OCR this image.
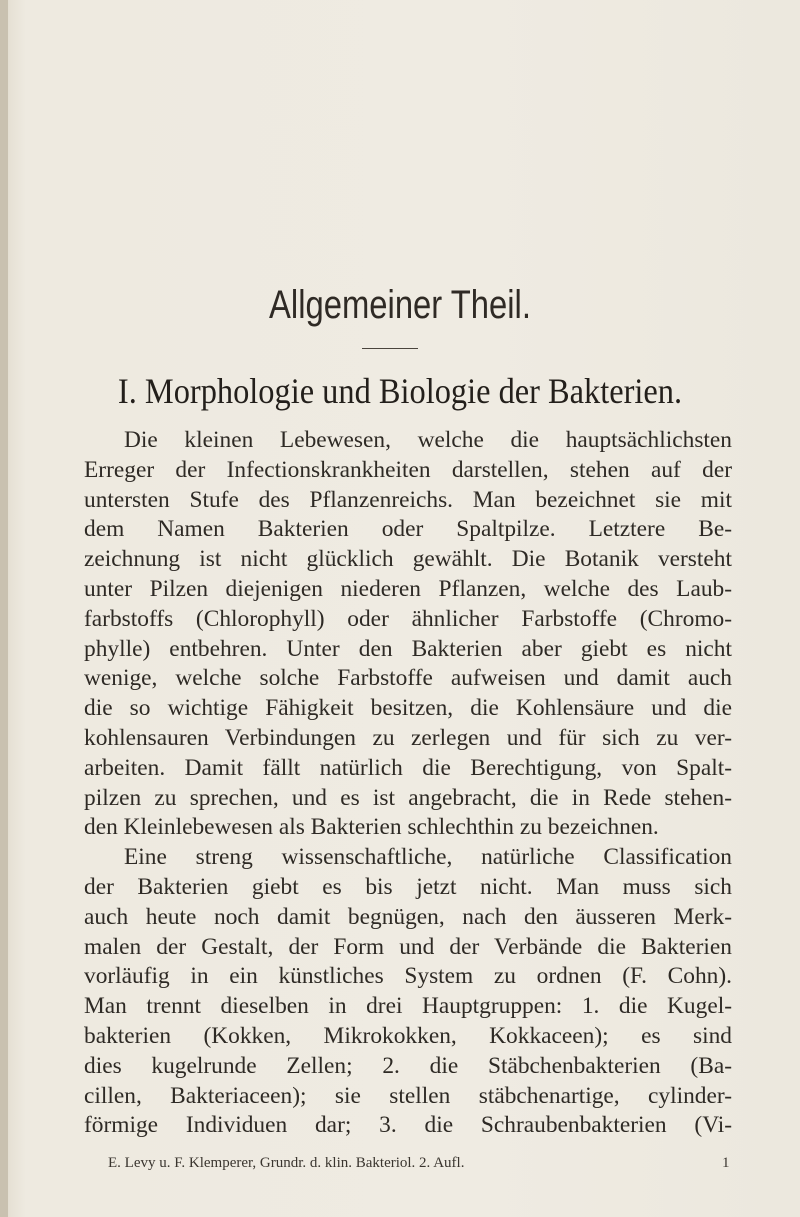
Allgemeiner Theil.
I. Morphologie und Biologie der Bakterien.
Die kleinen Lebewesen, welche die hauptsächlichsten
Erreger der Infectionskrankheiten darstellen, stehen auf der
untersten Stufe des Pflanzenreichs. Man bezeichnet sie mit
dem Namen Bakterien oder Spaltpilze. Letztere Be-
zeichnung ist nicht glücklich gewählt. Die Botanik versteht
unter Pilzen diejenigen niederen Pflanzen, welche des Laub-
farbstoffs (Chlorophyll) oder ähnlicher Farbstoffe (Chromo-
phylle) entbehren. Unter den Bakterien aber giebt es nicht
wenige, welche solche Farbstoffe aufweisen und damit auch
die so wichtige Fähigkeit besitzen, die Kohlensäure und die
kohlensauren Verbindungen zu zerlegen und für sich zu ver-
arbeiten. Damit fällt natürlich die Berechtigung, von Spalt-
pilzen zu sprechen, und es ist angebracht, die in Rede stehen-
den Kleinlebewesen als Bakterien schlechthin zu bezeichnen.
Eine streng wissenschaftliche, natürliche Classification
der Bakterien giebt es bis jetzt nicht. Man muss sich
auch heute noch damit begnügen, nach den äusseren Merk-
malen der Gestalt, der Form und der Verbände die Bakterien
vorläufig in ein künstliches System zu ordnen (F. Cohn).
Man trennt dieselben in drei Hauptgruppen: 1. die Kugel-
bakterien (Kokken, Mikrokokken, Kokkaceen); es sind
dies kugelrunde Zellen; 2. die Stäbchenbakterien (Ba-
cillen, Bakteriaceen); sie stellen stäbchenartige, cylinder-
förmige Individuen dar; 3. die Schraubenbakterien (Vi-
E. Levy u. F. Klemperer, Grundr. d. klin. Bakteriol. 2. Aufl.	1
